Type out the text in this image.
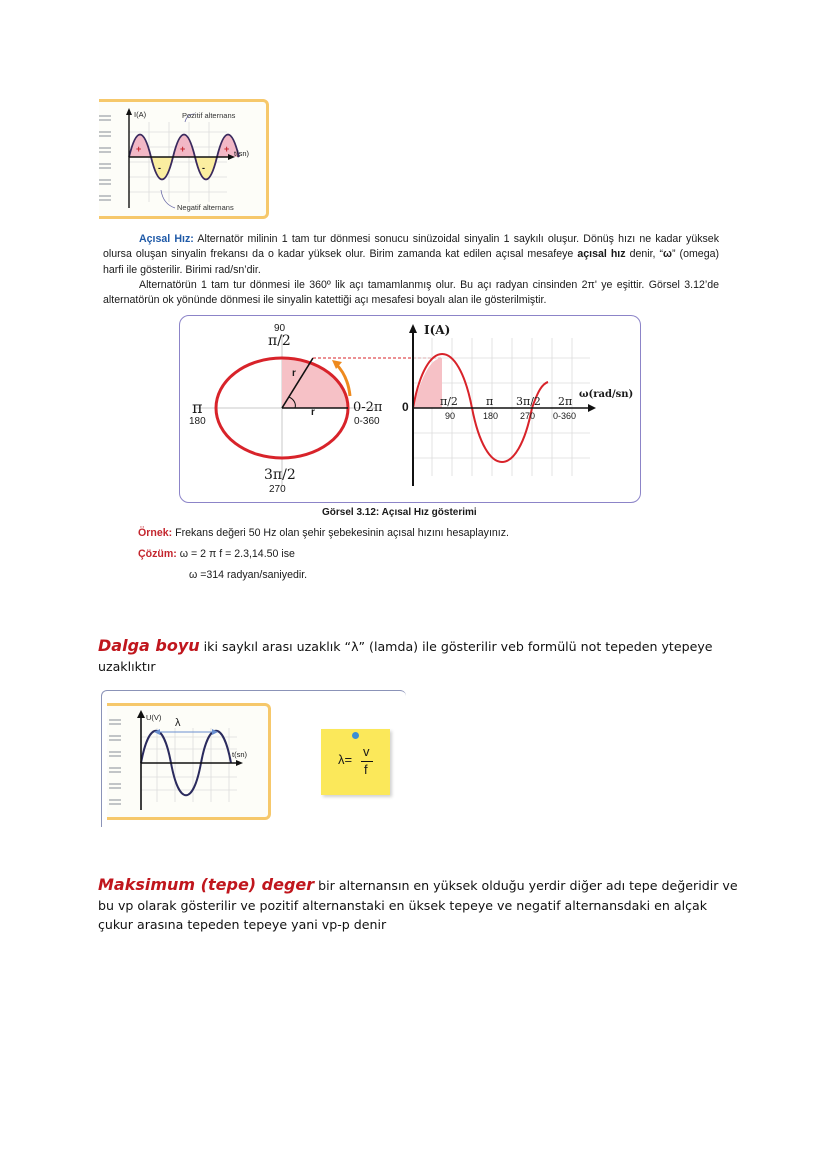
I(A)	Pozitif alternans
t(sn)
+	+	+
-	-
Negatif alternans
Açısal Hız: Alternatör milinin 1 tam tur dönmesi sonucu sinüzoidal sinyalin 1 saykılı oluşur. Dönüş hızı ne kadar yüksek olursa oluşan sinyalin frekansı da o kadar yüksek olur. Birim zamanda kat edilen açısal mesafeye açısal hız denir, “ω” (omega) harfi ile gösterilir. Birimi rad/sn’dir.
Alternatörün 1 tam tur dönmesi ile 360º lik açı tamamlanmış olur. Bu açı radyan cinsinden 2π' ye eşittir. Görsel 3.12’de alternatörün ok yönünde dönmesi ile sinyalin katettiği açı mesafesi boyalı alan ile gösterilmiştir.
90
π/2
r
r
π
180
0-2π
0-360
3π/2
270
I(A)
0
ω(rad/sn)
π/2	π 3π/2 2π
90	180 270 0-360
Görsel 3.12: Açısal Hız gösterimi
Örnek: Frekans değeri 50 Hz olan şehir şebekesinin açısal hızını hesaplayınız.
Çözüm: ω = 2 π f = 2.3,14.50 ise
ω =314 radyan/saniyedir.
Dalga boyu iki saykıl arası uzaklık “λ” (lamda) ile gösterilir veb formülü not tepeden ytepeye uzaklıktır
U(V) λ
t(sn)	λ=
v
f
Maksimum (tepe) deger bir alternansın en yüksek olduğu yerdir diğer adı tepe değeridir ve bu vp olarak gösterilir ve pozitif alternanstaki en üksek tepeye ve negatif alternansdaki en alçak çukur arasına tepeden tepeye yani vp-p denir
